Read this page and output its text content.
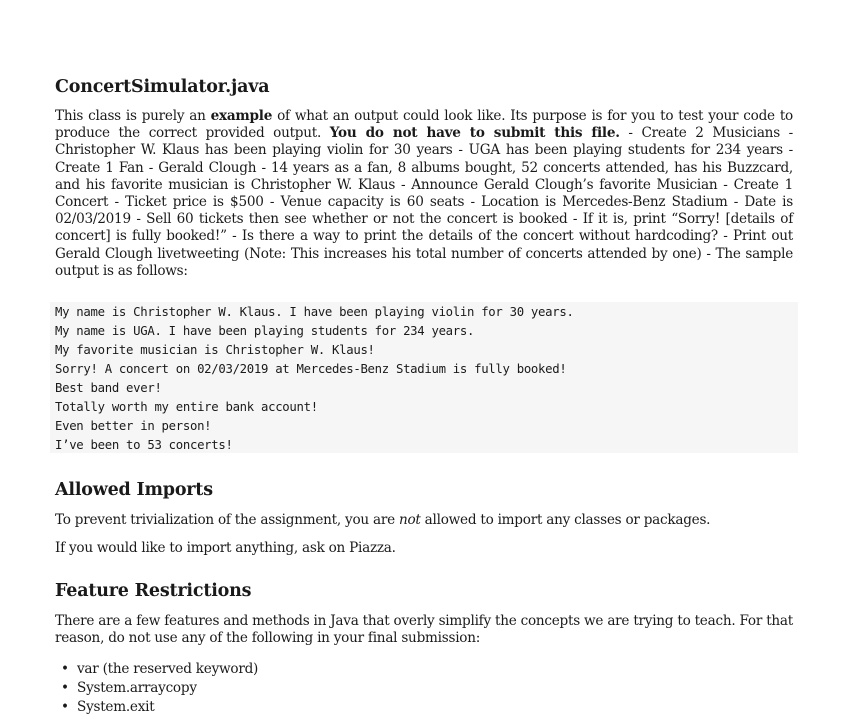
ConcertSimulator.java

This class is purely an example of what an output could look like. Its purpose is for you to test your code to produce the correct provided output. You do not have to submit this file. - Create 2 Musicians - Christopher W. Klaus has been playing violin for 30 years - UGA has been playing students for 234 years - Create 1 Fan - Gerald Clough - 14 years as a fan, 8 albums bought, 52 concerts attended, has his Buzzcard, and his favorite musician is Christopher W. Klaus - Announce Gerald Clough’s favorite Musician - Create 1 Concert - Ticket price is $500 - Venue capacity is 60 seats - Location is Mercedes-Benz Stadium - Date is 02/03/2019 - Sell 60 tickets then see whether or not the concert is booked - If it is, print “Sorry! [details of concert] is fully booked!” - Is there a way to print the details of the concert without hardcoding? - Print out Gerald Clough livetweeting (Note: This increases his total number of concerts attended by one) - The sample output is as follows:

My name is Christopher W. Klaus. I have been playing violin for 30 years.
My name is UGA. I have been playing students for 234 years.
My favorite musician is Christopher W. Klaus!
Sorry! A concert on 02/03/2019 at Mercedes-Benz Stadium is fully booked!
Best band ever!
Totally worth my entire bank account!
Even better in person!
I’ve been to 53 concerts!
Allowed Imports

To prevent trivialization of the assignment, you are not allowed to import any classes or packages.

If you would like to import anything, ask on Piazza.

Feature Restrictions

There are a few features and methods in Java that overly simplify the concepts we are trying to teach. For that reason, do not use any of the following in your final submission:

• var (the reserved keyword)
• System.arraycopy
• System.exit
